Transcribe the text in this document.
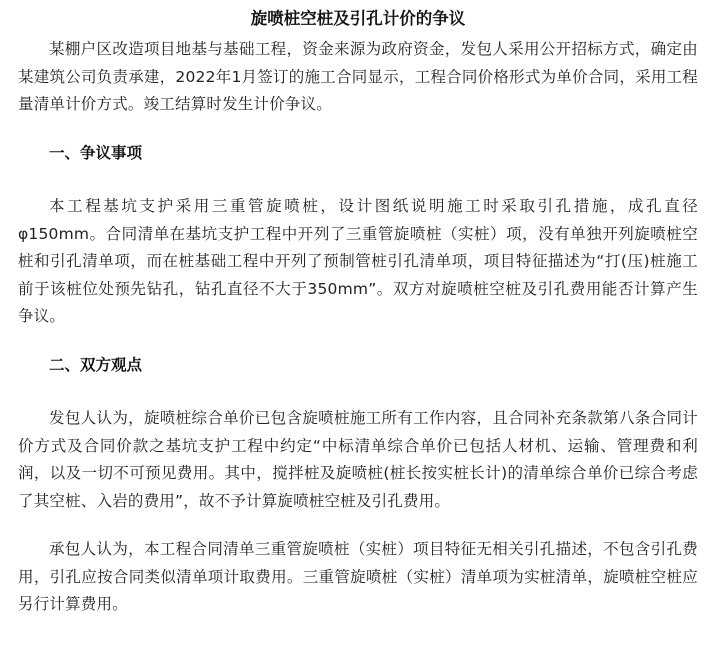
旋喷桩空桩及引孔计价的争议

某棚户区改造项目地基与基础工程，资金来源为政府资金，发包人采用公开招标方式，确定由某建筑公司负责承建，2022年1月签订的施工合同显示，工程合同价格形式为单价合同，采用工程量清单计价方式。竣工结算时发生计价争议。

一、争议事项

本工程基坑支护采用三重管旋喷桩，设计图纸说明施工时采取引孔措施，成孔直径φ150mm。合同清单在基坑支护工程中开列了三重管旋喷桩（实桩）项，没有单独开列旋喷桩空桩和引孔清单项，而在桩基础工程中开列了预制管桩引孔清单项，项目特征描述为“打(压)桩施工前于该桩位处预先钻孔，钻孔直径不大于350mm”。双方对旋喷桩空桩及引孔费用能否计算产生争议。

二、双方观点

发包人认为，旋喷桩综合单价已包含旋喷桩施工所有工作内容，且合同补充条款第八条合同计价方式及合同价款之基坑支护工程中约定“中标清单综合单价已包括人材机、运输、管理费和利润，以及一切不可预见费用。其中，搅拌桩及旋喷桩(桩长按实桩长计)的清单综合单价已综合考虑了其空桩、入岩的费用”，故不予计算旋喷桩空桩及引孔费用。

承包人认为，本工程合同清单三重管旋喷桩（实桩）项目特征无相关引孔描述，不包含引孔费用，引孔应按合同类似清单项计取费用。三重管旋喷桩（实桩）清单项为实桩清单，旋喷桩空桩应另行计算费用。
